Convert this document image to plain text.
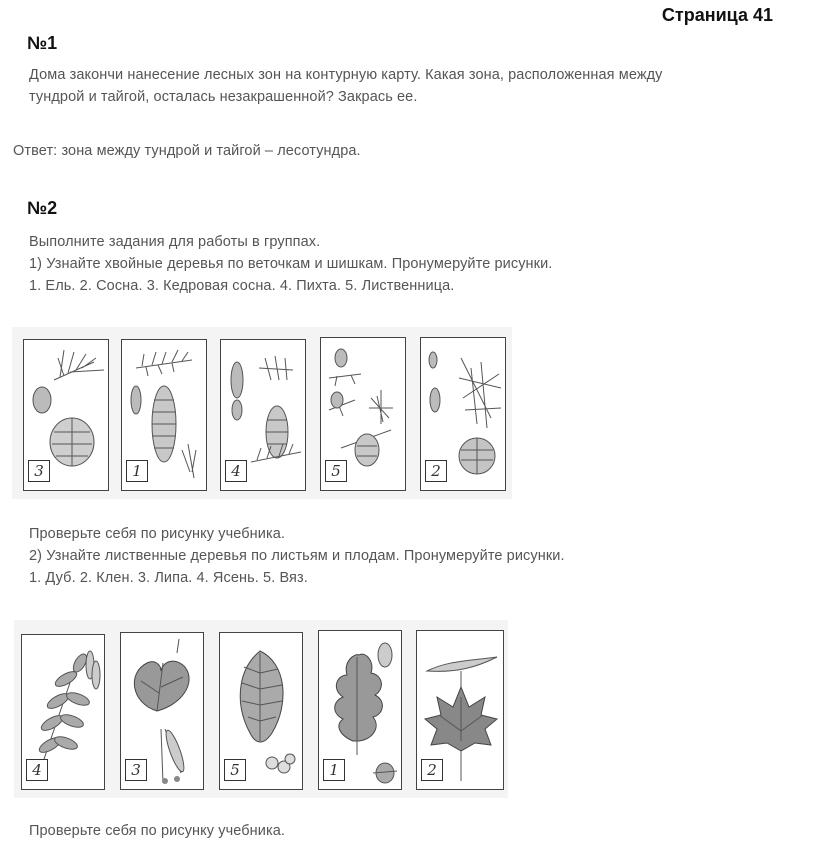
Страница 41
№1
Дома закончи нанесение лесных зон на контурную карту. Какая зона, расположенная между
тундрой и тайгой, осталась незакрашенной? Закрась ее.
Ответ: зона между тундрой и тайгой – лесотундра.
№2
Выполните задания для работы в группах.
1) Узнайте хвойные деревья по веточкам и шишкам. Пронумеруйте рисунки.
1. Ель. 2. Сосна. 3. Кедровая сосна. 4. Пихта. 5. Лиственница.
3	1	4	5	2
Проверьте себя по рисунку учебника.
2) Узнайте лиственные деревья по листьям и плодам. Пронумеруйте рисунки.
1. Дуб. 2. Клен. 3. Липа. 4. Ясень. 5. Вяз.
4	3	5	1	2
Проверьте себя по рисунку учебника.
